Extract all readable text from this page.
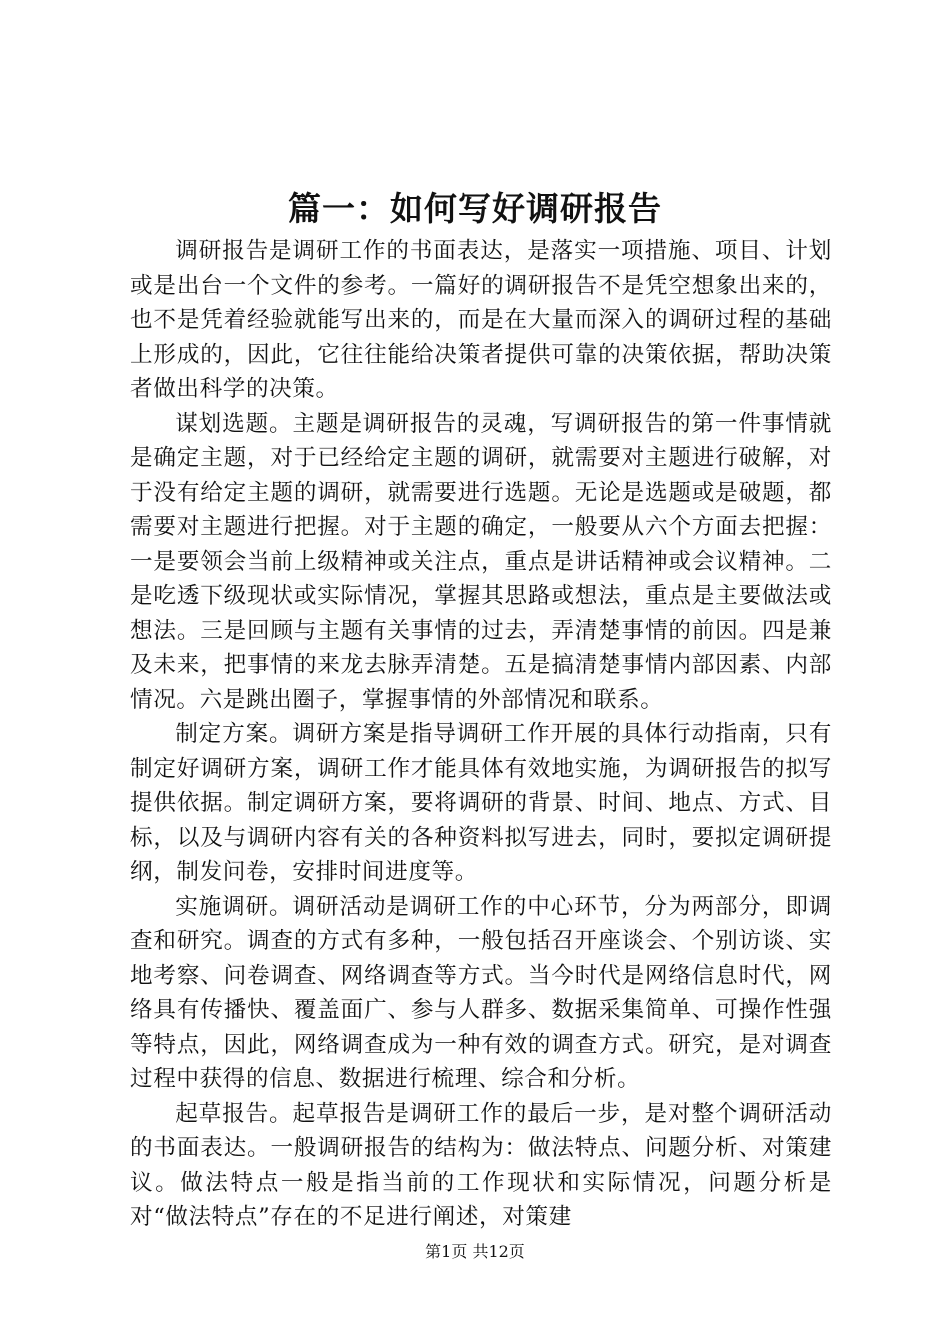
篇一：如何写好调研报告

调研报告是调研工作的书面表达，是落实一项措施、项目、计划或是出台一个文件的参考。一篇好的调研报告不是凭空想象出来的，也不是凭着经验就能写出来的，而是在大量而深入的调研过程的基础上形成的，因此，它往往能给决策者提供可靠的决策依据，帮助决策者做出科学的决策。

谋划选题。主题是调研报告的灵魂，写调研报告的第一件事情就是确定主题，对于已经给定主题的调研，就需要对主题进行破解，对于没有给定主题的调研，就需要进行选题。无论是选题或是破题，都需要对主题进行把握。对于主题的确定，一般要从六个方面去把握：一是要领会当前上级精神或关注点，重点是讲话精神或会议精神。二是吃透下级现状或实际情况，掌握其思路或想法，重点是主要做法或想法。三是回顾与主题有关事情的过去，弄清楚事情的前因。四是兼及未来，把事情的来龙去脉弄清楚。五是搞清楚事情内部因素、内部情况。六是跳出圈子，掌握事情的外部情况和联系。

制定方案。调研方案是指导调研工作开展的具体行动指南，只有制定好调研方案，调研工作才能具体有效地实施，为调研报告的拟写提供依据。制定调研方案，要将调研的背景、时间、地点、方式、目标，以及与调研内容有关的各种资料拟写进去，同时，要拟定调研提纲，制发问卷，安排时间进度等。

实施调研。调研活动是调研工作的中心环节，分为两部分，即调查和研究。调查的方式有多种，一般包括召开座谈会、个别访谈、实地考察、问卷调查、网络调查等方式。当今时代是网络信息时代，网络具有传播快、覆盖面广、参与人群多、数据采集简单、可操作性强等特点，因此，网络调查成为一种有效的调查方式。研究，是对调查过程中获得的信息、数据进行梳理、综合和分析。

起草报告。起草报告是调研工作的最后一步，是对整个调研活动的书面表达。一般调研报告的结构为：做法特点、问题分析、对策建议。做法特点一般是指当前的工作现状和实际情况，问题分析是对“做法特点”存在的不足进行阐述，对策建

第1页 共12页
